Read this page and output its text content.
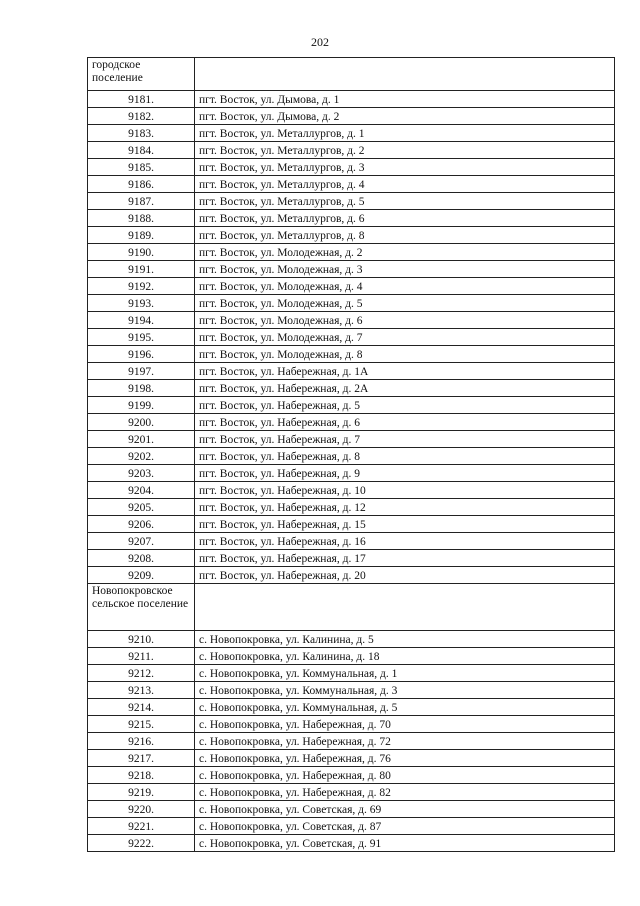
202
городское поселение	
9181.	пгт. Восток, ул. Дымова, д. 1
9182.	пгт. Восток, ул. Дымова, д. 2
9183.	пгт. Восток, ул. Металлургов, д. 1
9184.	пгт. Восток, ул. Металлургов, д. 2
9185.	пгт. Восток, ул. Металлургов, д. 3
9186.	пгт. Восток, ул. Металлургов, д. 4
9187.	пгт. Восток, ул. Металлургов, д. 5
9188.	пгт. Восток, ул. Металлургов, д. 6
9189.	пгт. Восток, ул. Металлургов, д. 8
9190.	пгт. Восток, ул. Молодежная, д. 2
9191.	пгт. Восток, ул. Молодежная, д. 3
9192.	пгт. Восток, ул. Молодежная, д. 4
9193.	пгт. Восток, ул. Молодежная, д. 5
9194.	пгт. Восток, ул. Молодежная, д. 6
9195.	пгт. Восток, ул. Молодежная, д. 7
9196.	пгт. Восток, ул. Молодежная, д. 8
9197.	пгт. Восток, ул. Набережная, д. 1А
9198.	пгт. Восток, ул. Набережная, д. 2А
9199.	пгт. Восток, ул. Набережная, д. 5
9200.	пгт. Восток, ул. Набережная, д. 6
9201.	пгт. Восток, ул. Набережная, д. 7
9202.	пгт. Восток, ул. Набережная, д. 8
9203.	пгт. Восток, ул. Набережная, д. 9
9204.	пгт. Восток, ул. Набережная, д. 10
9205.	пгт. Восток, ул. Набережная, д. 12
9206.	пгт. Восток, ул. Набережная, д. 15
9207.	пгт. Восток, ул. Набережная, д. 16
9208.	пгт. Восток, ул. Набережная, д. 17
9209.	пгт. Восток, ул. Набережная, д. 20
Новопокровское сельское поселение	
9210.	с. Новопокровка, ул. Калинина, д. 5
9211.	с. Новопокровка, ул. Калинина, д. 18
9212.	с. Новопокровка, ул. Коммунальная, д. 1
9213.	с. Новопокровка, ул. Коммунальная, д. 3
9214.	с. Новопокровка, ул. Коммунальная, д. 5
9215.	с. Новопокровка, ул. Набережная, д. 70
9216.	с. Новопокровка, ул. Набережная, д. 72
9217.	с. Новопокровка, ул. Набережная, д. 76
9218.	с. Новопокровка, ул. Набережная, д. 80
9219.	с. Новопокровка, ул. Набережная, д. 82
9220.	с. Новопокровка, ул. Советская, д. 69
9221.	с. Новопокровка, ул. Советская, д. 87
9222.	с. Новопокровка, ул. Советская, д. 91
